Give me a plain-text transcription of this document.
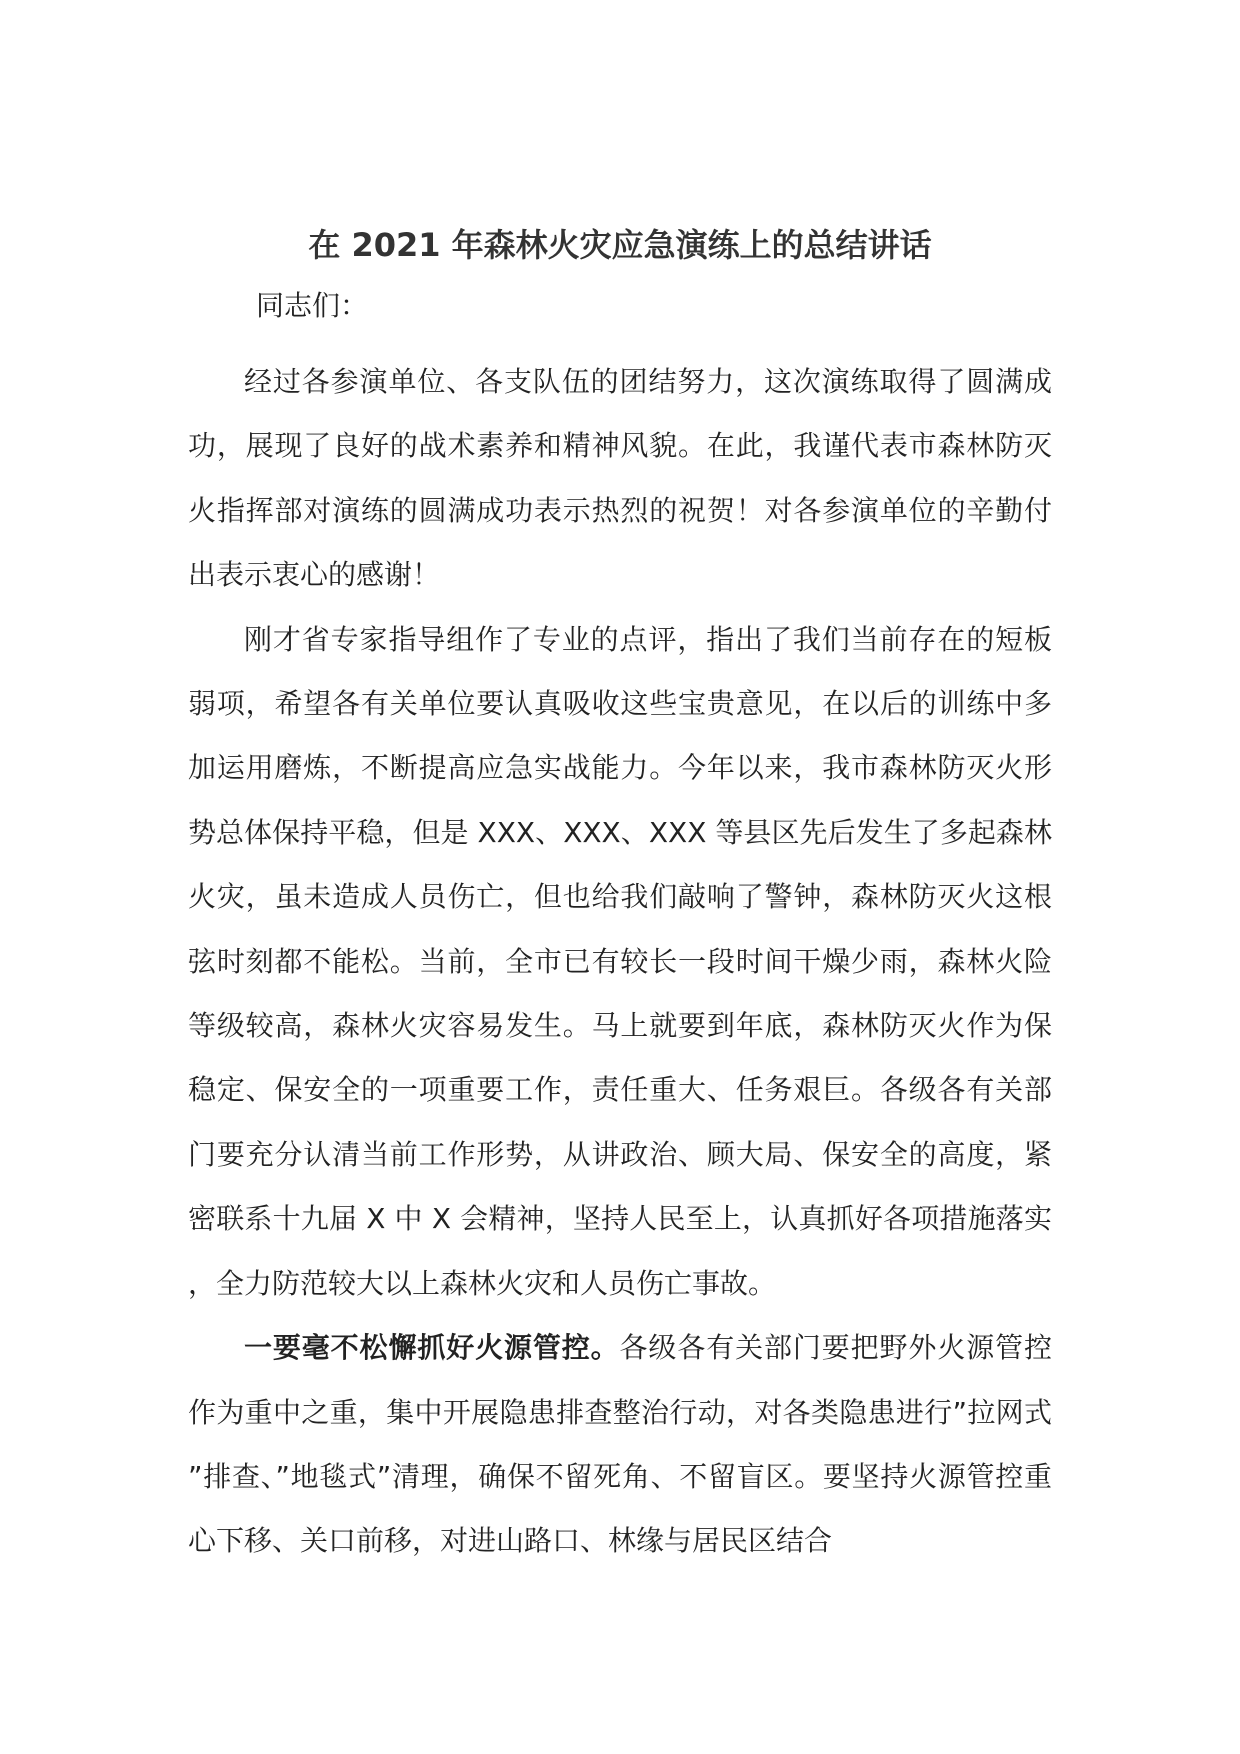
在 2021 年森林火灾应急演练上的总结讲话

同志们：

经过各参演单位、各支队伍的团结努力，这次演练取得了圆满成功，展现了良好的战术素养和精神风貌。在此，我谨代表市森林防灭火指挥部对演练的圆满成功表示热烈的祝贺！对各参演单位的辛勤付出表示衷心的感谢！

刚才省专家指导组作了专业的点评，指出了我们当前存在的短板弱项，希望各有关单位要认真吸收这些宝贵意见，在以后的训练中多加运用磨炼，不断提高应急实战能力。今年以来，我市森林防灭火形势总体保持平稳，但是 XXX、XXX、XXX 等县区先后发生了多起森林火灾，虽未造成人员伤亡，但也给我们敲响了警钟，森林防灭火这根弦时刻都不能松。当前，全市已有较长一段时间干燥少雨，森林火险等级较高，森林火灾容易发生。马上就要到年底，森林防灭火作为保稳定、保安全的一项重要工作，责任重大、任务艰巨。各级各有关部门要充分认清当前工作形势，从讲政治、顾大局、保安全的高度，紧密联系十九届 X 中 X 会精神，坚持人民至上，认真抓好各项措施落实，全力防范较大以上森林火灾和人员伤亡事故。

一要毫不松懈抓好火源管控。各级各有关部门要把野外火源管控作为重中之重，集中开展隐患排查整治行动，对各类隐患进行”拉网式”排查、”地毯式”清理，确保不留死角、不留盲区。要坚持火源管控重心下移、关口前移，对进山路口、林缘与居民区结合
